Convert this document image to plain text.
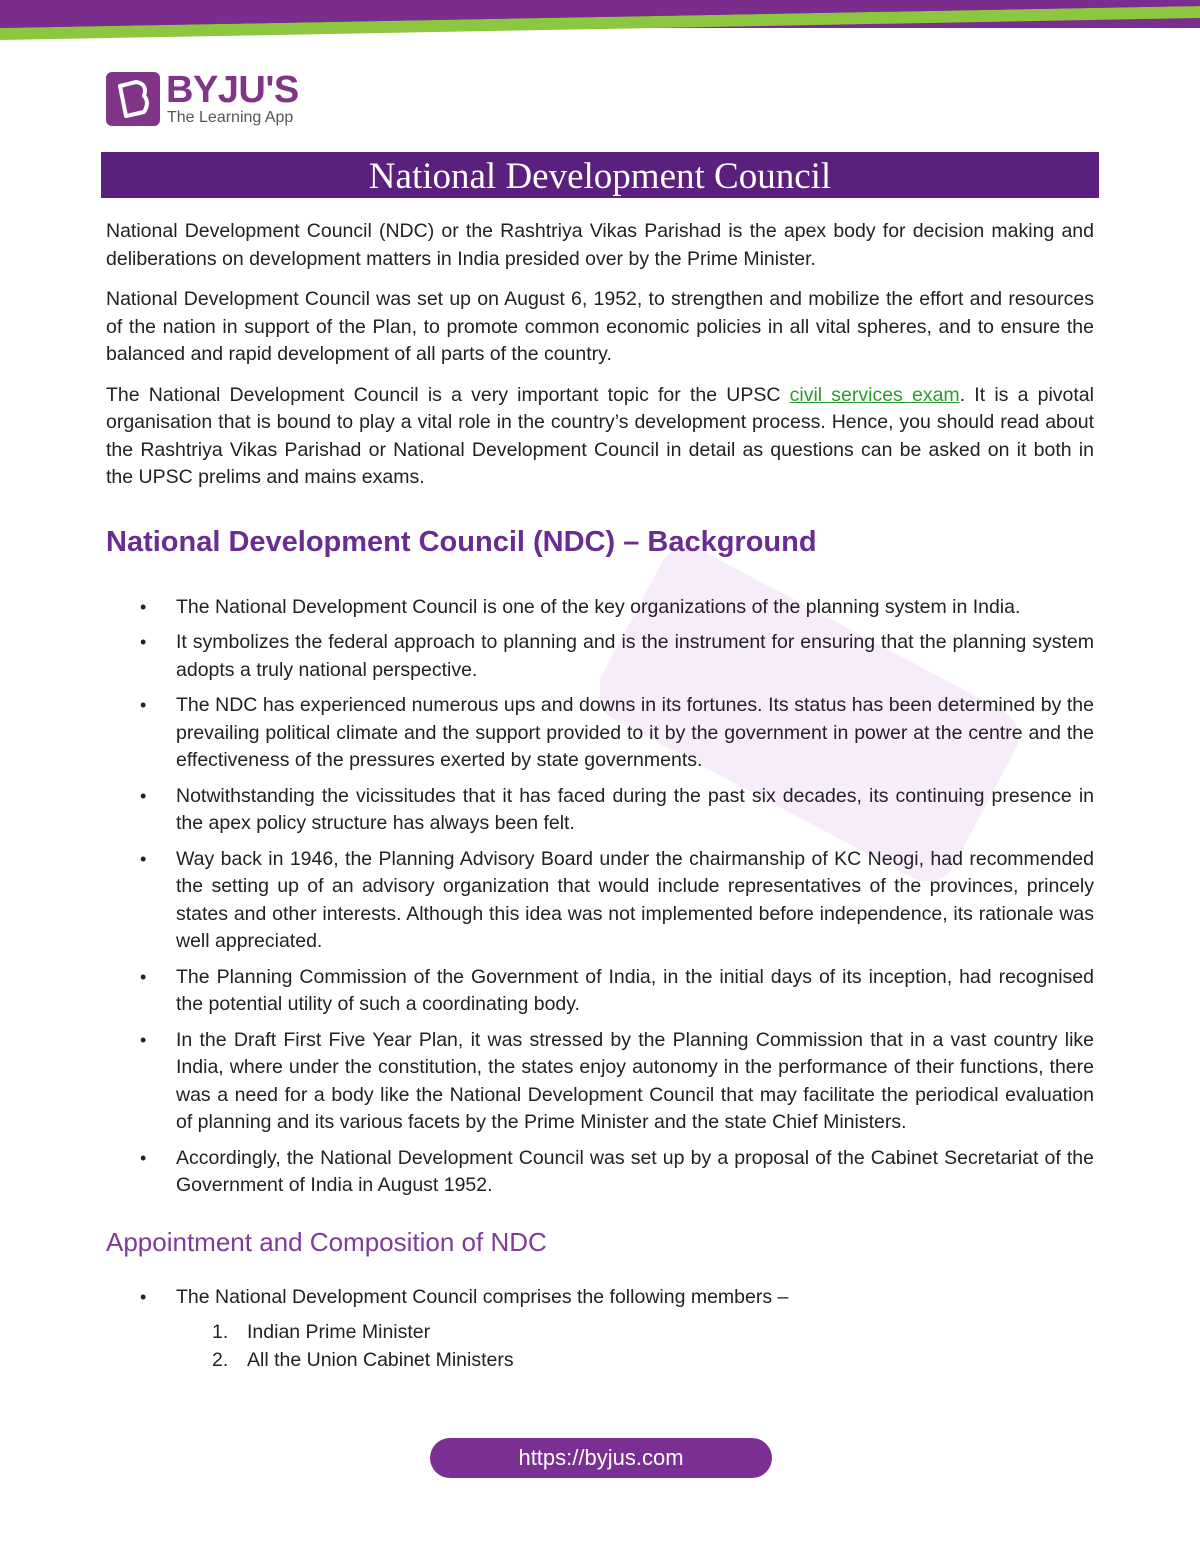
BYJU'S
The Learning App
National Development Council

National Development Council (NDC) or the Rashtriya Vikas Parishad is the apex body for decision making and deliberations on development matters in India presided over by the Prime Minister.

National Development Council was set up on August 6, 1952, to strengthen and mobilize the effort and resources of the nation in support of the Plan, to promote common economic policies in all vital spheres, and to ensure the balanced and rapid development of all parts of the country.

The National Development Council is a very important topic for the UPSC civil services exam. It is a pivotal organisation that is bound to play a vital role in the country’s development process. Hence, you should read about the Rashtriya Vikas Parishad or National Development Council in detail as questions can be asked on it both in the UPSC prelims and mains exams.

National Development Council (NDC) – Background
• The National Development Council is one of the key organizations of the planning system in India.
• It symbolizes the federal approach to planning and is the instrument for ensuring that the planning system adopts a truly national perspective.
• The NDC has experienced numerous ups and downs in its fortunes. Its status has been determined by the prevailing political climate and the support provided to it by the government in power at the centre and the effectiveness of the pressures exerted by state governments.
• Notwithstanding the vicissitudes that it has faced during the past six decades, its continuing presence in the apex policy structure has always been felt.
• Way back in 1946, the Planning Advisory Board under the chairmanship of KC Neogi, had recommended the setting up of an advisory organization that would include representatives of the provinces, princely states and other interests. Although this idea was not implemented before independence, its rationale was well appreciated.
• The Planning Commission of the Government of India, in the initial days of its inception, had recognised the potential utility of such a coordinating body.
• In the Draft First Five Year Plan, it was stressed by the Planning Commission that in a vast country like India, where under the constitution, the states enjoy autonomy in the performance of their functions, there was a need for a body like the National Development Council that may facilitate the periodical evaluation of planning and its various facets by the Prime Minister and the state Chief Ministers.
• Accordingly, the National Development Council was set up by a proposal of the Cabinet Secretariat of the Government of India in August 1952.
Appointment and Composition of NDC
• The National Development Council comprises the following members –
1. Indian Prime Minister
2. All the Union Cabinet Ministers
https://byjus.com
